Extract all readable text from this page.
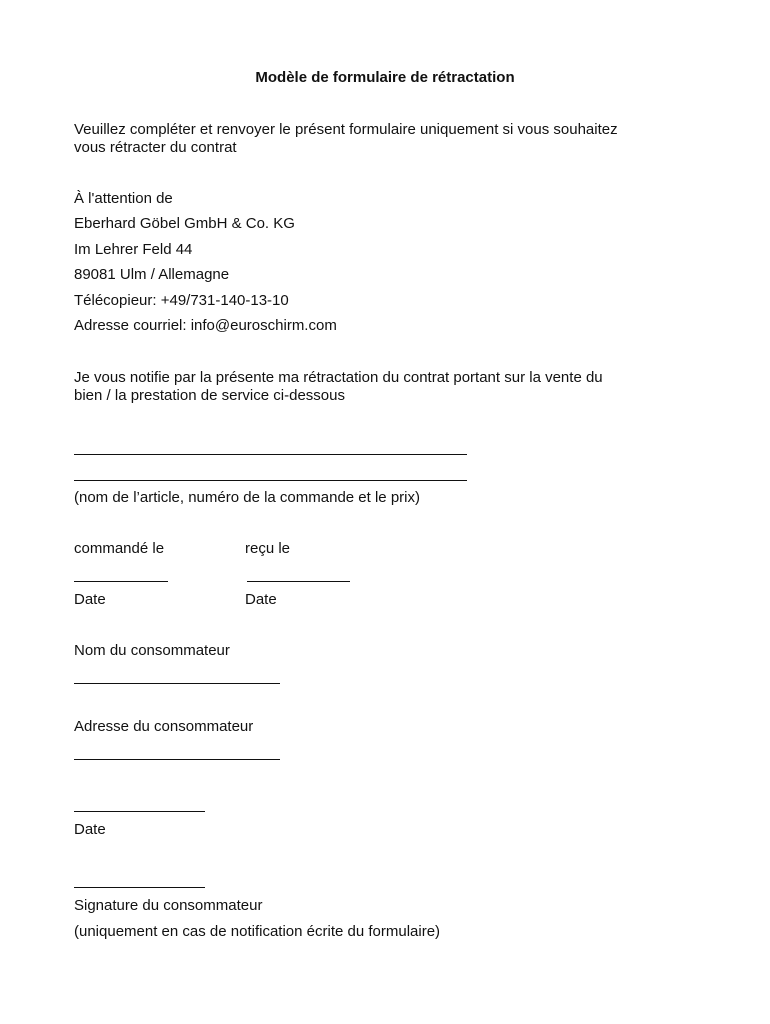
Modèle de formulaire de rétractation
Veuillez compléter et renvoyer le présent formulaire uniquement si vous souhaitez
vous rétracter du contrat
À l'attention de
Eberhard Göbel GmbH & Co. KG
Im Lehrer Feld 44
89081 Ulm / Allemagne
Télécopieur: +49/731-140-13-10
Adresse courriel: info@euroschirm.com
Je vous notifie par la présente ma rétractation du contrat portant sur la vente du
bien / la prestation de service ci-dessous
(nom de l’article, numéro de la commande et le prix)
commandé le	reçu le
Date	Date
Nom du consommateur
Adresse du consommateur
Date
Signature du consommateur
(uniquement en cas de notification écrite du formulaire)
